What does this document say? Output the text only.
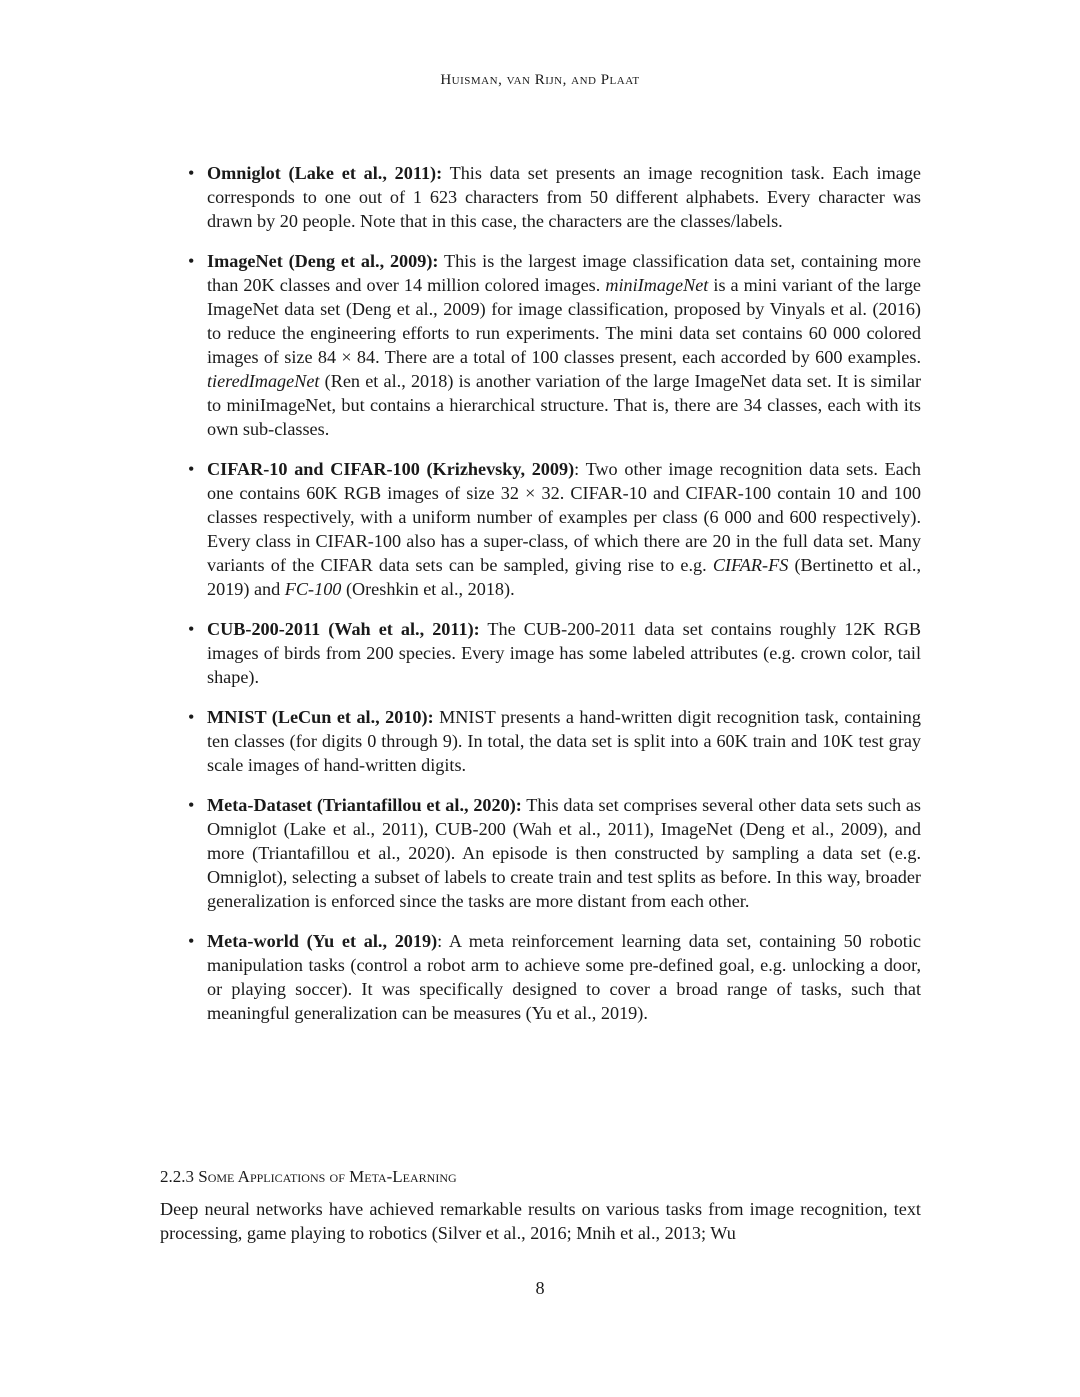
Huisman, van Rijn, and Plaat
• Omniglot (Lake et al., 2011): This data set presents an image recognition task. Each image corresponds to one out of 1 623 characters from 50 different alphabets. Every character was drawn by 20 people. Note that in this case, the characters are the classes/labels.
• ImageNet (Deng et al., 2009): This is the largest image classification data set, containing more than 20K classes and over 14 million colored images. miniImageNet is a mini variant of the large ImageNet data set (Deng et al., 2009) for image classification, proposed by Vinyals et al. (2016) to reduce the engineering efforts to run experiments. The mini data set contains 60 000 colored images of size 84 × 84. There are a total of 100 classes present, each accorded by 600 examples. tieredImageNet (Ren et al., 2018) is another variation of the large ImageNet data set. It is similar to miniImageNet, but contains a hierarchical structure. That is, there are 34 classes, each with its own sub-classes.
• CIFAR-10 and CIFAR-100 (Krizhevsky, 2009): Two other image recognition data sets. Each one contains 60K RGB images of size 32 × 32. CIFAR-10 and CIFAR-100 contain 10 and 100 classes respectively, with a uniform number of examples per class (6 000 and 600 respectively). Every class in CIFAR-100 also has a super-class, of which there are 20 in the full data set. Many variants of the CIFAR data sets can be sampled, giving rise to e.g. CIFAR-FS (Bertinetto et al., 2019) and FC-100 (Oreshkin et al., 2018).
• CUB-200-2011 (Wah et al., 2011): The CUB-200-2011 data set contains roughly 12K RGB images of birds from 200 species. Every image has some labeled attributes (e.g. crown color, tail shape).
• MNIST (LeCun et al., 2010): MNIST presents a hand-written digit recognition task, containing ten classes (for digits 0 through 9). In total, the data set is split into a 60K train and 10K test gray scale images of hand-written digits.
• Meta-Dataset (Triantafillou et al., 2020): This data set comprises several other data sets such as Omniglot (Lake et al., 2011), CUB-200 (Wah et al., 2011), ImageNet (Deng et al., 2009), and more (Triantafillou et al., 2020). An episode is then constructed by sampling a data set (e.g. Omniglot), selecting a subset of labels to create train and test splits as before. In this way, broader generalization is enforced since the tasks are more distant from each other.
• Meta-world (Yu et al., 2019): A meta reinforcement learning data set, containing 50 robotic manipulation tasks (control a robot arm to achieve some pre-defined goal, e.g. unlocking a door, or playing soccer). It was specifically designed to cover a broad range of tasks, such that meaningful generalization can be measures (Yu et al., 2019).
2.2.3 Some Applications of Meta-Learning
Deep neural networks have achieved remarkable results on various tasks from image recognition, text processing, game playing to robotics (Silver et al., 2016; Mnih et al., 2013; Wu
8
